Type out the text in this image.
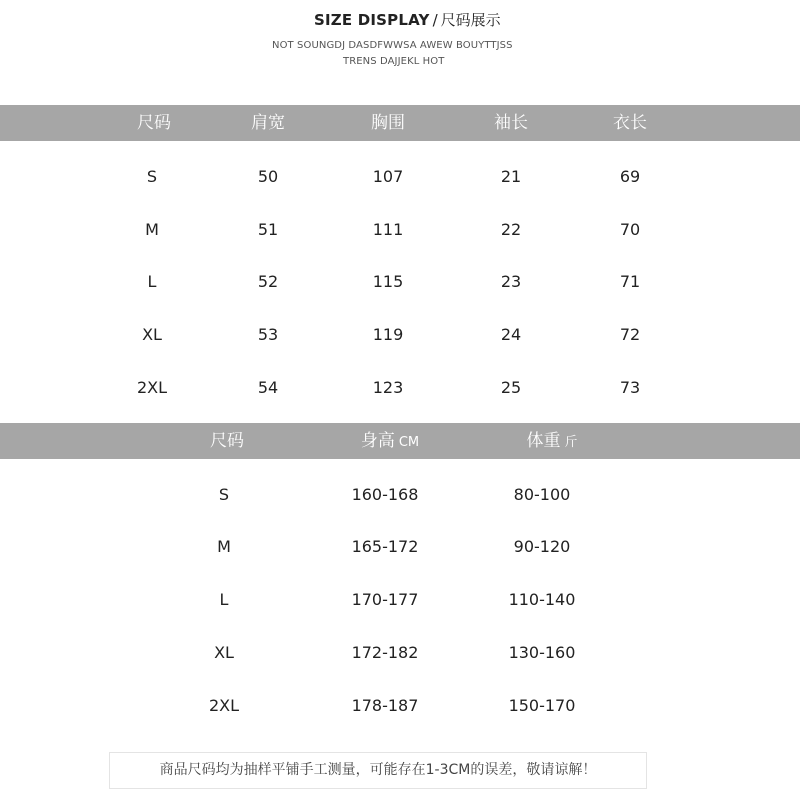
SIZE DISPLAY / 尺码展示
NOT SOUNGDJ DASDFWWSA AWEW BOUYTTJSS
TRENS DAJJEKL HOT
尺码	肩宽	胸围	袖长	衣长
S	50	107	21	69
M	51	111	22	70
L	52	115	23	71
XL	53	119	24	72
2XL	54	123	25	73
尺码	身高 CM	体重 斤
S	160-168	80-100
M	165-172	90-120
L	170-177	110-140
XL	172-182	130-160
2XL	178-187	150-170
商品尺码均为抽样平铺手工测量，可能存在1-3CM的误差，敬请谅解！
